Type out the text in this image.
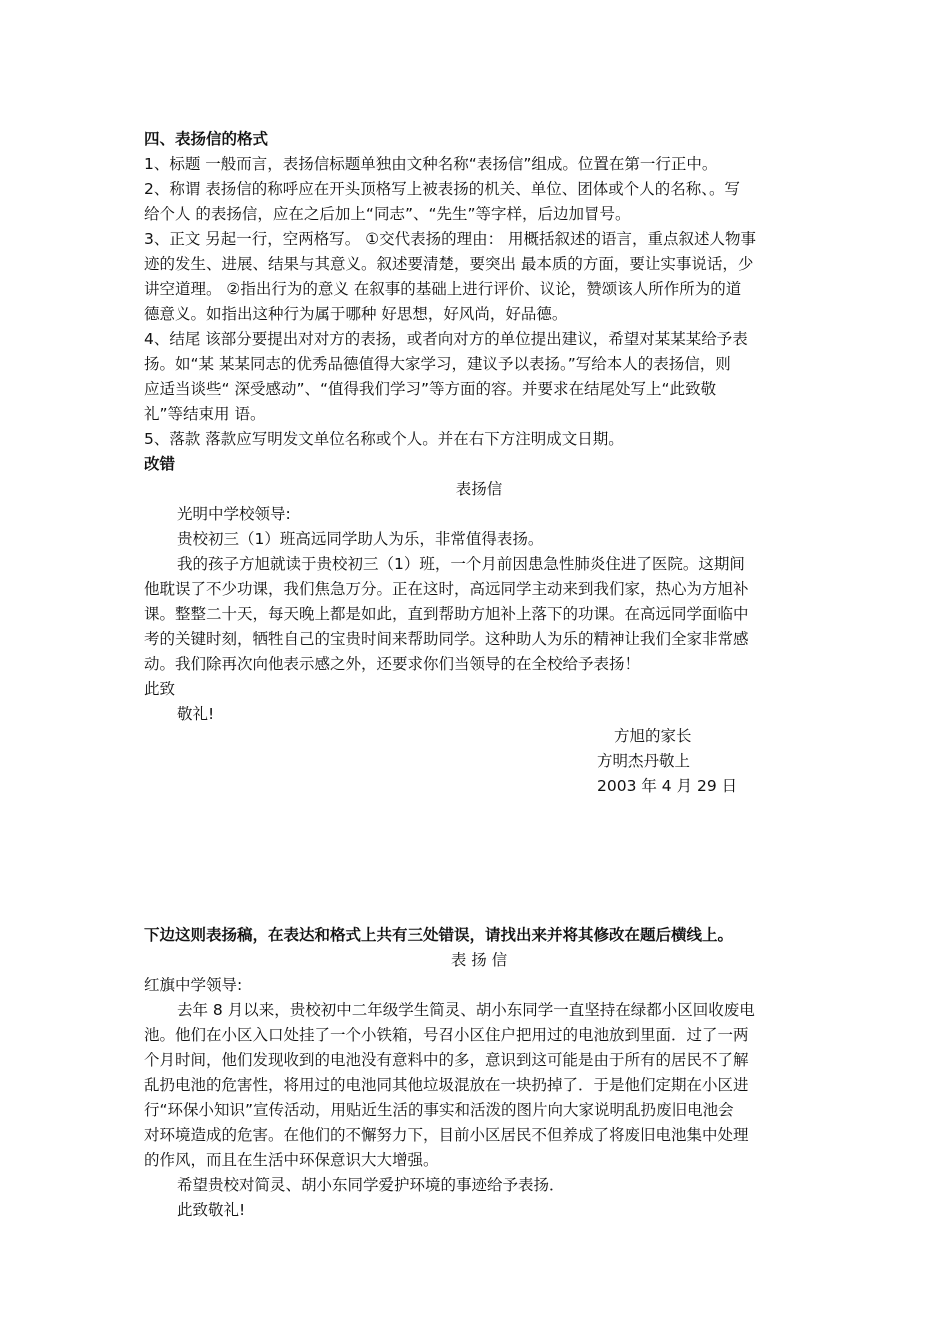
四、表扬信的格式
1、标题 一般而言，表扬信标题单独由文种名称“表扬信”组成。位置在第一行正中。
2、称谓 表扬信的称呼应在开头顶格写上被表扬的机关、单位、团体或个人的名称、。写
给个人 的表扬信，应在之后加上“同志”、“先生”等字样，后边加冒号。
3、正文 另起一行，空两格写。 ①交代表扬的理由： 用概括叙述的语言，重点叙述人物事
迹的发生、进展、结果与其意义。叙述要清楚，要突出 最本质的方面，要让实事说话，少
讲空道理。 ②指出行为的意义 在叙事的基础上进行评价、议论，赞颂该人所作所为的道
德意义。如指出这种行为属于哪种 好思想，好风尚，好品德。
4、结尾 该部分要提出对对方的表扬，或者向对方的单位提出建议，希望对某某某给予表
扬。如“某 某某同志的优秀品德值得大家学习，建议予以表扬。”写给本人的表扬信，则
应适当谈些“ 深受感动”、“值得我们学习”等方面的容。并要求在结尾处写上“此致敬
礼”等结束用 语。
5、落款 落款应写明发文单位名称或个人。并在右下方注明成文日期。
改错
表扬信
光明中学校领导:
贵校初三（1）班高远同学助人为乐，非常值得表扬。
我的孩子方旭就读于贵校初三（1）班，一个月前因患急性肺炎住进了医院。这期间
他耽误了不少功课，我们焦急万分。正在这时，高远同学主动来到我们家，热心为方旭补
课。整整二十天，每天晚上都是如此，直到帮助方旭补上落下的功课。在高远同学面临中
考的关键时刻，牺牲自己的宝贵时间来帮助同学。这种助人为乐的精神让我们全家非常感
动。我们除再次向他表示感之外，还要求你们当领导的在全校给予表扬！
此致
敬礼!
方旭的家长
方明杰丹敬上
2003 年 4 月 29 日
下边这则表扬稿，在表达和格式上共有三处错误，请找出来并将其修改在题后横线上。
表 扬 信
红旗中学领导:
去年 8 月以来，贵校初中二年级学生简灵、胡小东同学一直坚持在绿都小区回收废电
池。他们在小区入口处挂了一个小铁箱，号召小区住户把用过的电池放到里面．过了一两
个月时间，他们发现收到的电池没有意料中的多，意识到这可能是由于所有的居民不了解
乱扔电池的危害性，将用过的电池同其他垃圾混放在一块扔掉了．于是他们定期在小区进
行“环保小知识”宣传活动，用贴近生活的事实和活泼的图片向大家说明乱扔废旧电池会
对环境造成的危害。在他们的不懈努力下，目前小区居民不但养成了将废旧电池集中处理
的作风，而且在生活中环保意识大大增强。
希望贵校对简灵、胡小东同学爱护环境的事迹给予表扬．
此致敬礼!
